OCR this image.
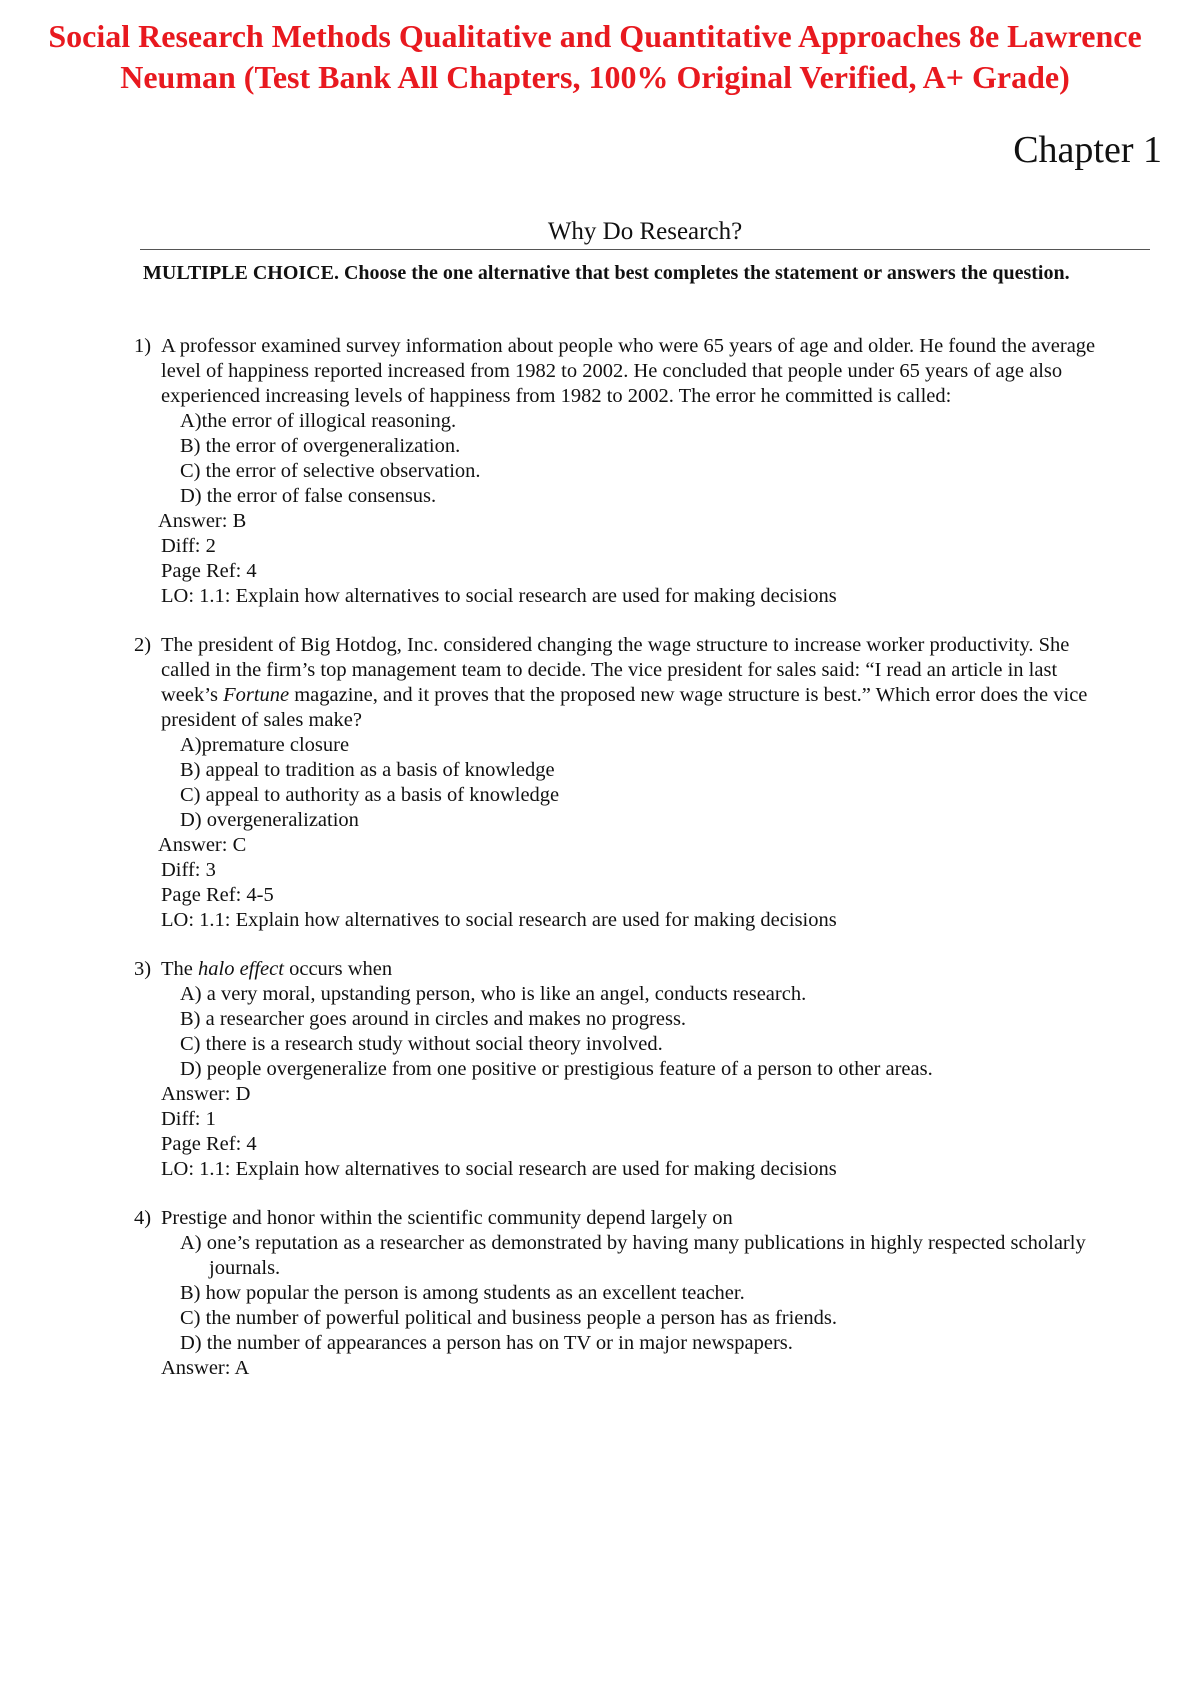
Social Research Methods Qualitative and Quantitative Approaches 8e Lawrence
Neuman (Test Bank All Chapters, 100% Original Verified, A+ Grade)
Chapter 1
Why Do Research?

MULTIPLE CHOICE. Choose the one alternative that best completes the statement or answers the question.

1) A professor examined survey information about people who were 65 years of age and older. He found the average level of happiness reported increased from 1982 to 2002. He concluded that people under 65 years of age also experienced increasing levels of happiness from 1982 to 2002. The error he committed is called:
A)the error of illogical reasoning.
B) the error of overgeneralization.
C) the error of selective observation.
D) the error of false consensus.
Answer: B
Diff: 2
Page Ref: 4
LO: 1.1: Explain how alternatives to social research are used for making decisions
2) The president of Big Hotdog, Inc. considered changing the wage structure to increase worker productivity. She called in the firm’s top management team to decide. The vice president for sales said: “I read an article in last week’s Fortune magazine, and it proves that the proposed new wage structure is best.” Which error does the vice president of sales make?
A)premature closure
B) appeal to tradition as a basis of knowledge
C) appeal to authority as a basis of knowledge
D) overgeneralization
Answer: C
Diff: 3
Page Ref: 4-5
LO: 1.1: Explain how alternatives to social research are used for making decisions
3) The halo effect occurs when
A) a very moral, upstanding person, who is like an angel, conducts research.
B) a researcher goes around in circles and makes no progress.
C) there is a research study without social theory involved.
D) people overgeneralize from one positive or prestigious feature of a person to other areas.
Answer: D
Diff: 1
Page Ref: 4
LO: 1.1: Explain how alternatives to social research are used for making decisions
4) Prestige and honor within the scientific community depend largely on
A) one’s reputation as a researcher as demonstrated by having many publications in highly respected scholarly journals.
B) how popular the person is among students as an excellent teacher.
C) the number of powerful political and business people a person has as friends.
D) the number of appearances a person has on TV or in major newspapers.
Answer: A
